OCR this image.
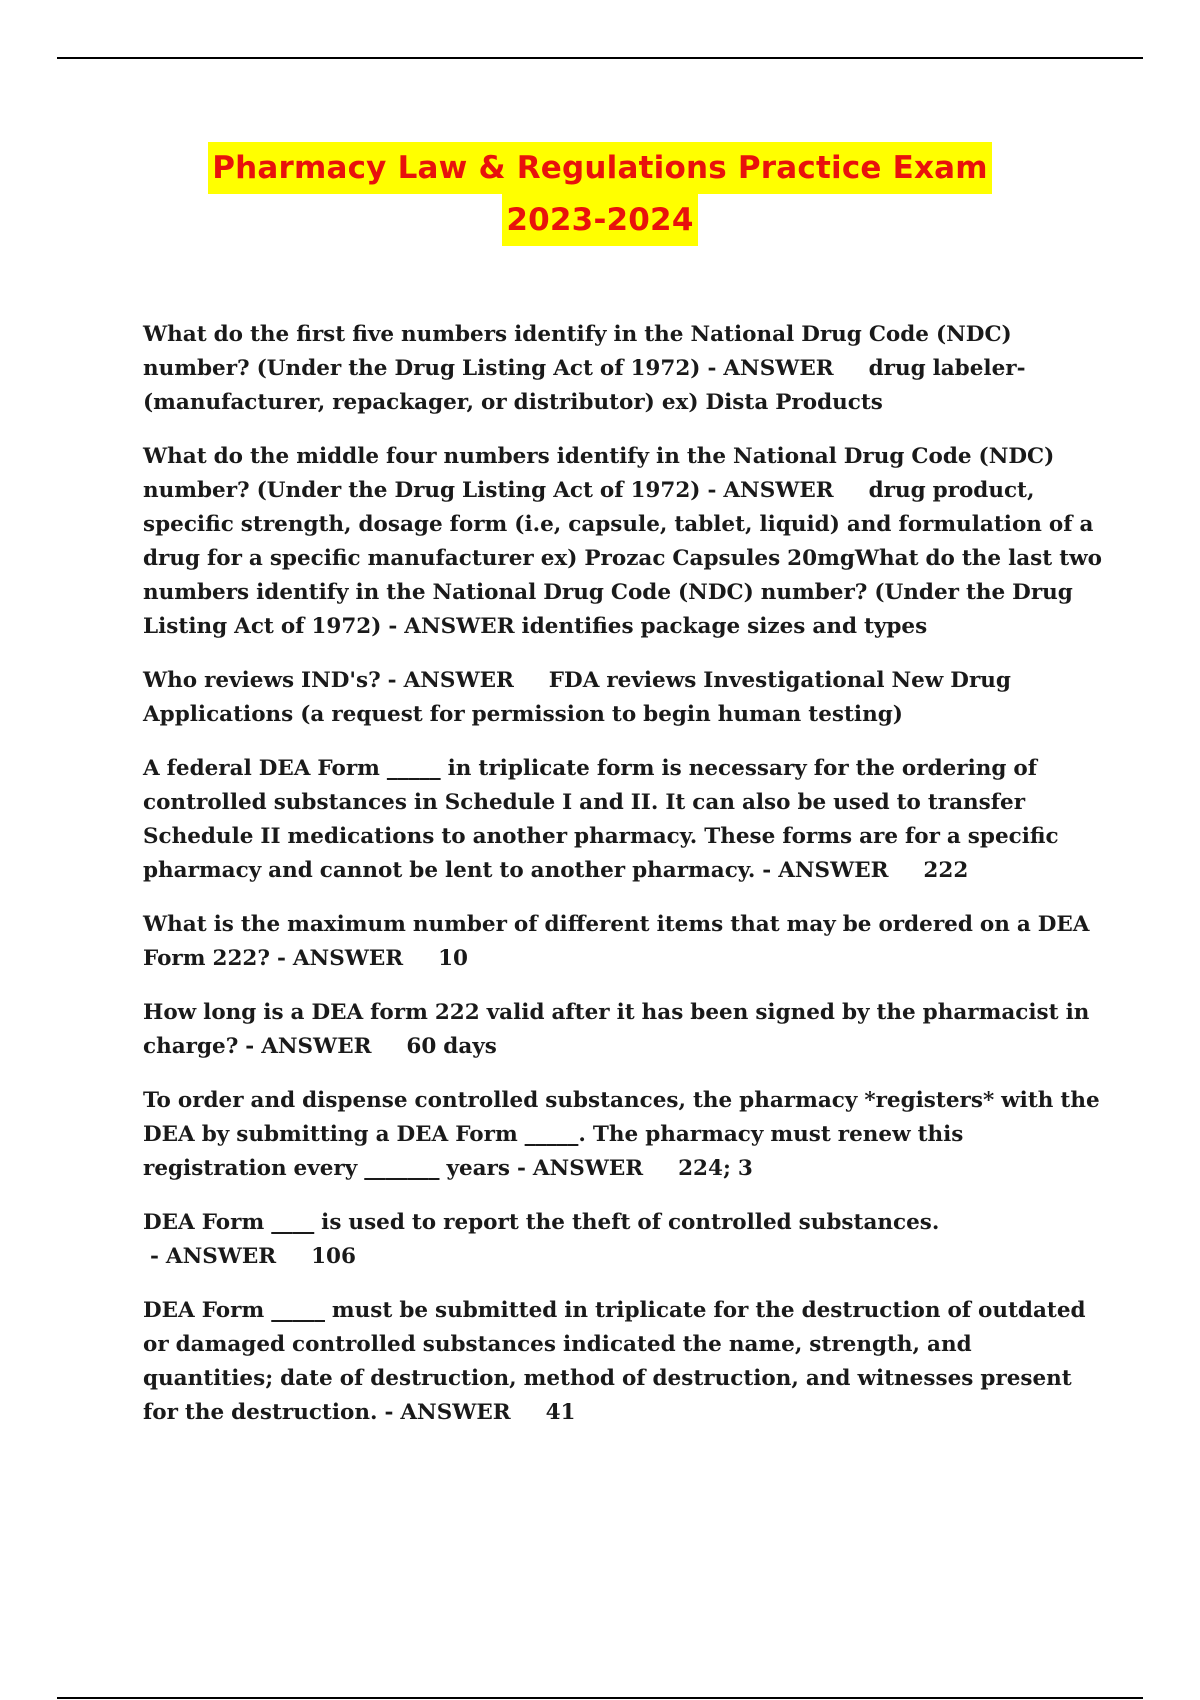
Pharmacy Law & Regulations Practice Exam
2023-2024

What do the first five numbers identify in the National Drug Code (NDC) number? (Under the Drug Listing Act of 1972) - ANSWER     drug labeler-(manufacturer, repackager, or distributor) ex) Dista Products

What do the middle four numbers identify in the National Drug Code (NDC) number? (Under the Drug Listing Act of 1972) - ANSWER     drug product, specific strength, dosage form (i.e, capsule, tablet, liquid) and formulation of a drug for a specific manufacturer ex) Prozac Capsules 20mgWhat do the last two numbers identify in the National Drug Code (NDC) number? (Under the Drug Listing Act of 1972) - ANSWER identifies package sizes and types

Who reviews IND's? - ANSWER     FDA reviews Investigational New Drug Applications (a request for permission to begin human testing)

A federal DEA Form _____ in triplicate form is necessary for the ordering of controlled substances in Schedule I and II. It can also be used to transfer Schedule II medications to another pharmacy. These forms are for a specific pharmacy and cannot be lent to another pharmacy. - ANSWER     222

What is the maximum number of different items that may be ordered on a DEA Form 222? - ANSWER     10

How long is a DEA form 222 valid after it has been signed by the pharmacist in charge? - ANSWER     60 days

To order and dispense controlled substances, the pharmacy *registers* with the DEA by submitting a DEA Form _____. The pharmacy must renew this registration every _______ years - ANSWER     224; 3

DEA Form ____ is used to report the theft of controlled substances. - ANSWER     106

DEA Form _____ must be submitted in triplicate for the destruction of outdated or damaged controlled substances indicated the name, strength, and quantities; date of destruction, method of destruction, and witnesses present for the destruction. - ANSWER     41
